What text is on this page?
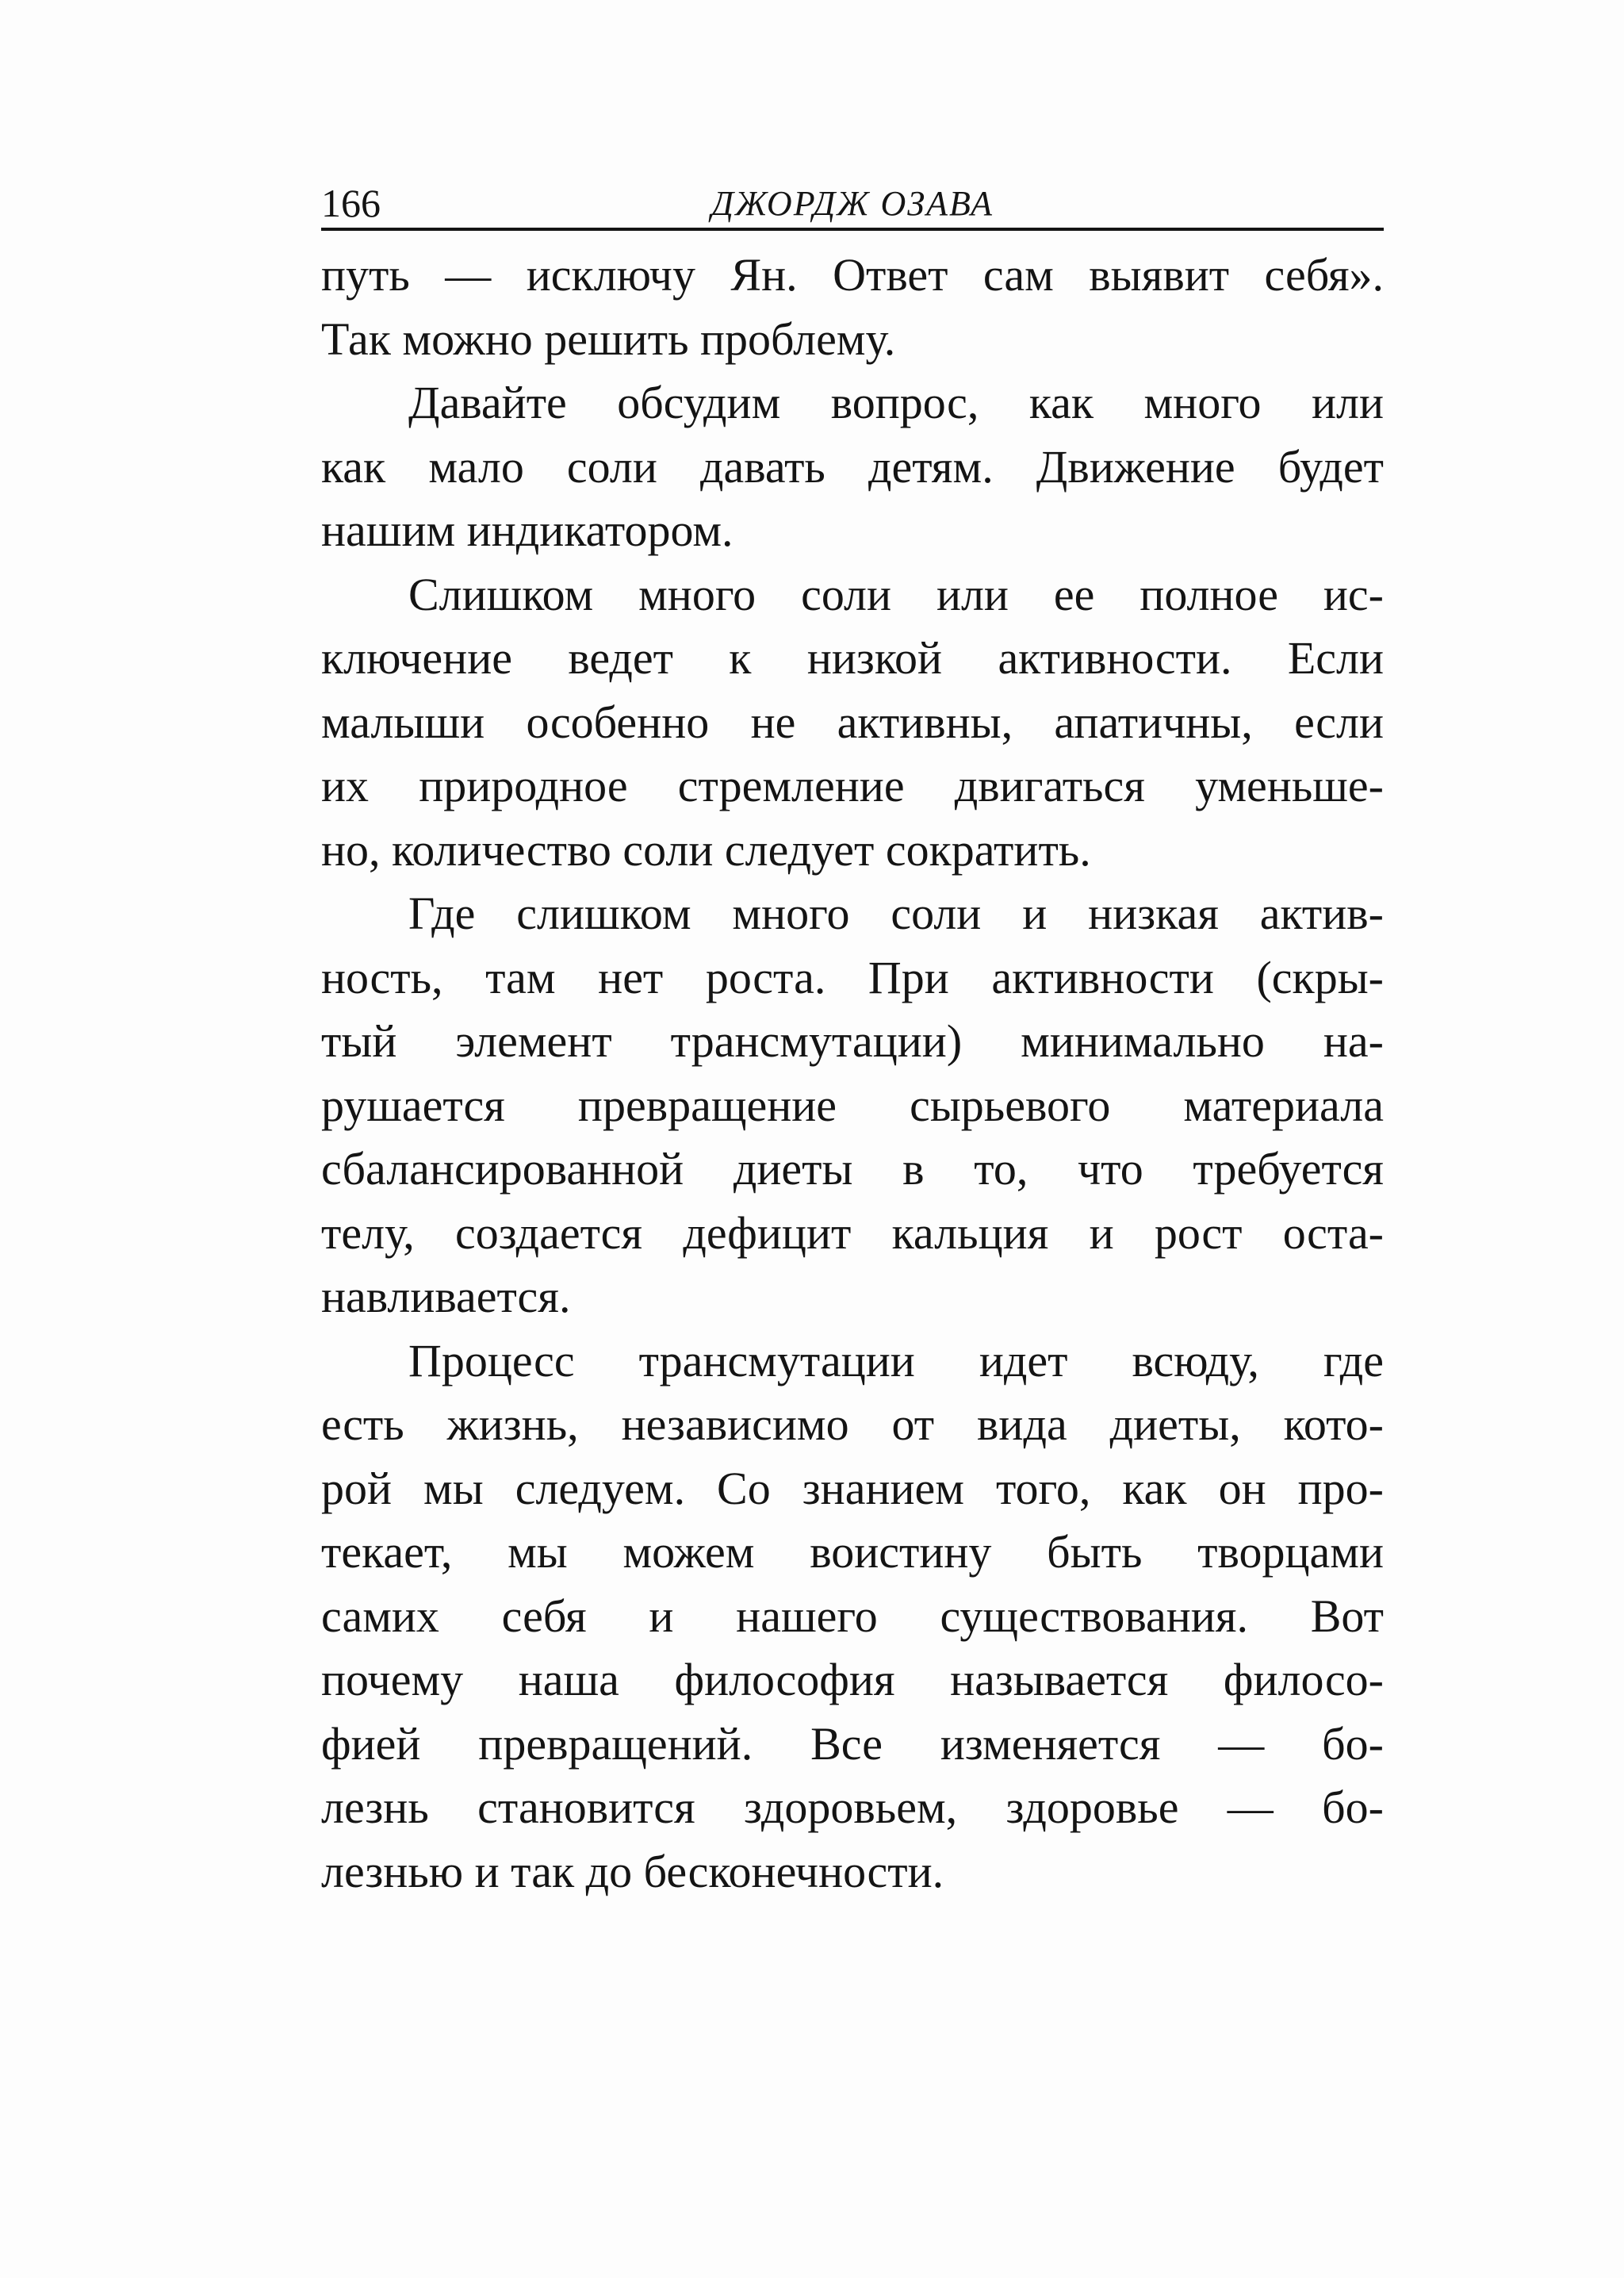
166	ДЖОРДЖ ОЗАВА

путь — исключу Ян. Ответ сам выявит себя».
Так можно решить проблему.

Давайте обсудим вопрос, как много или
как мало соли давать детям. Движение будет
нашим индикатором.

Слишком много соли или ее полное ис-
ключение ведет к низкой активности. Если
малыши особенно не активны, апатичны, если
их природное стремление двигаться уменьше-
но, количество соли следует сократить.

Где слишком много соли и низкая актив-
ность, там нет роста. При активности (скры-
тый элемент трансмутации) минимально на-
рушается превращение сырьевого материала
сбалансированной диеты в то, что требуется
телу, создается дефицит кальция и рост оста-
навливается.

Процесс трансмутации идет всюду, где
есть жизнь, независимо от вида диеты, кото-
рой мы следуем. Со знанием того, как он про-
текает, мы можем воистину быть творцами
самих себя и нашего существования. Вот
почему наша философия называется филосо-
фией превращений. Все изменяется — бо-
лезнь становится здоровьем, здоровье — бо-
лезнью и так до бесконечности.
